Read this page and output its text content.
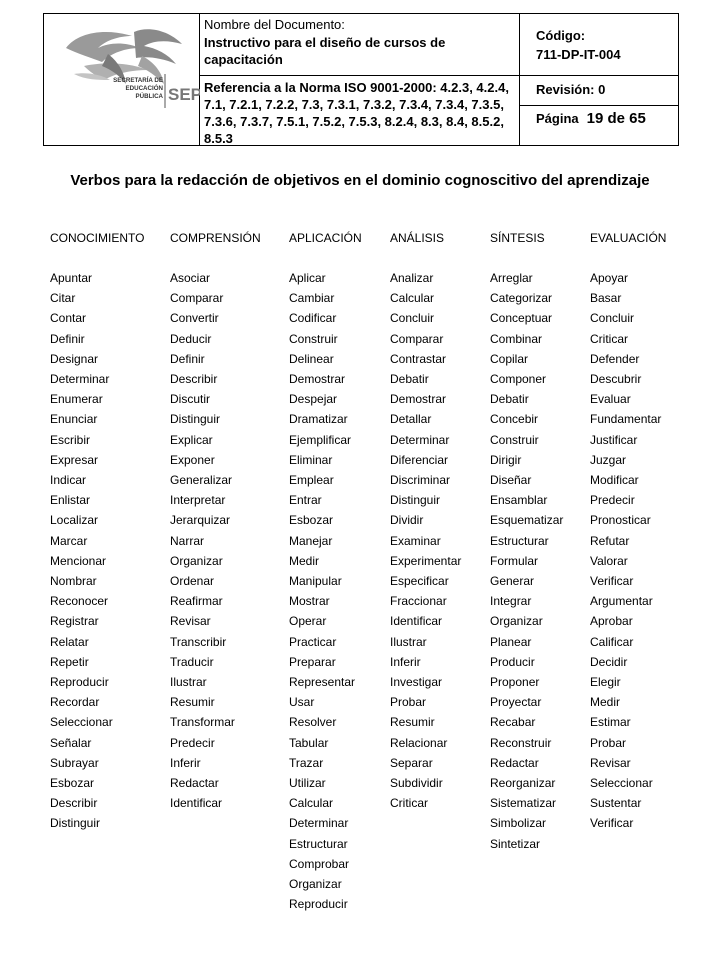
SECRETARÍA DE
EDUCACIÓN
PÚBLICA SEP
Nombre del Documento:
Instructivo para el diseño de cursos de capacitación
Referencia a la Norma ISO 9001-2000: 4.2.3, 4.2.4, 7.1, 7.2.1, 7.2.2, 7.3, 7.3.1, 7.3.2, 7.3.4, 7.3.4, 7.3.5, 7.3.6, 7.3.7, 7.5.1, 7.5.2, 7.5.3, 8.2.4, 8.3, 8.4, 8.5.2, 8.5.3
Código:
711-DP-IT-004
Revisión: 0
Página 19 de 65
Verbos para la redacción de objetivos en el dominio cognoscitivo del aprendizaje
CONOCIMIENTO
Apuntar
Citar
Contar
Definir
Designar
Determinar
Enumerar
Enunciar
Escribir
Expresar
Indicar
Enlistar
Localizar
Marcar
Mencionar
Nombrar
Reconocer
Registrar
Relatar
Repetir
Reproducir
Recordar
Seleccionar
Señalar
Subrayar
Esbozar
Describir
Distinguir
COMPRENSIÓN
Asociar
Comparar
Convertir
Deducir
Definir
Describir
Discutir
Distinguir
Explicar
Exponer
Generalizar
Interpretar
Jerarquizar
Narrar
Organizar
Ordenar
Reafirmar
Revisar
Transcribir
Traducir
Ilustrar
Resumir
Transformar
Predecir
Inferir
Redactar
Identificar
APLICACIÓN
Aplicar
Cambiar
Codificar
Construir
Delinear
Demostrar
Despejar
Dramatizar
Ejemplificar
Eliminar
Emplear
Entrar
Esbozar
Manejar
Medir
Manipular
Mostrar
Operar
Practicar
Preparar
Representar
Usar
Resolver
Tabular
Trazar
Utilizar
Calcular
Determinar
Estructurar
Comprobar
Organizar
Reproducir
ANÁLISIS
Analizar
Calcular
Concluir
Comparar
Contrastar
Debatir
Demostrar
Detallar
Determinar
Diferenciar
Discriminar
Distinguir
Dividir
Examinar
Experimentar
Especificar
Fraccionar
Identificar
Ilustrar
Inferir
Investigar
Probar
Resumir
Relacionar
Separar
Subdividir
Criticar
SÍNTESIS
Arreglar
Categorizar
Conceptuar
Combinar
Copilar
Componer
Debatir
Concebir
Construir
Dirigir
Diseñar
Ensamblar
Esquematizar
Estructurar
Formular
Generar
Integrar
Organizar
Planear
Producir
Proponer
Proyectar
Recabar
Reconstruir
Redactar
Reorganizar
Sistematizar
Simbolizar
Sintetizar
EVALUACIÓN
Apoyar
Basar
Concluir
Criticar
Defender
Descubrir
Evaluar
Fundamentar
Justificar
Juzgar
Modificar
Predecir
Pronosticar
Refutar
Valorar
Verificar
Argumentar
Aprobar
Calificar
Decidir
Elegir
Medir
Estimar
Probar
Revisar
Seleccionar
Sustentar
Verificar
